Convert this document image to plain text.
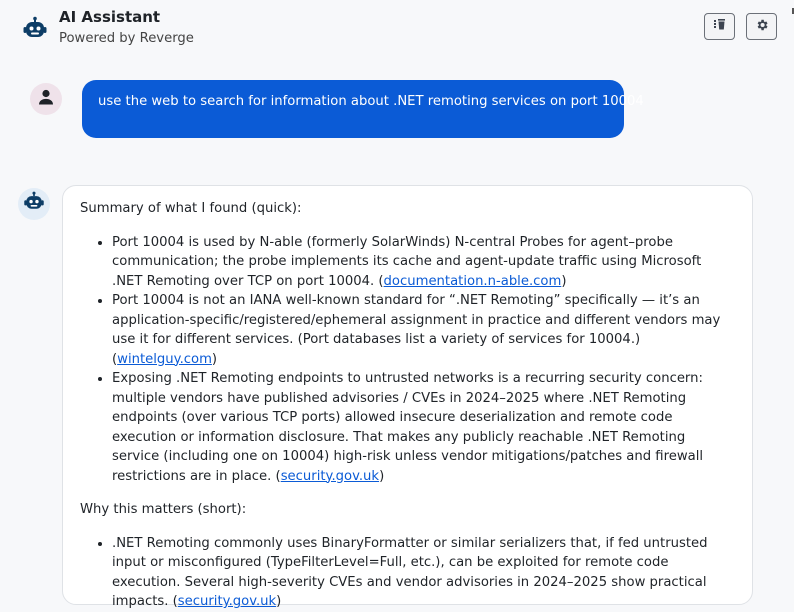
AI Assistant
Powered by Reverge
use the web to search for information about .NET remoting services on port 10004

Summary of what I found (quick):

• Port 10004 is used by N-able (formerly SolarWinds) N-central Probes for agent–probe communication; the probe implements its cache and agent-update traffic using Microsoft .NET Remoting over TCP on port 10004. (documentation.n-able.com)
• Port 10004 is not an IANA well-known standard for “.NET Remoting” specifically — it’s an application-specific/registered/ephemeral assignment in practice and different vendors may use it for different services. (Port databases list a variety of services for 10004.) (wintelguy.com)
• Exposing .NET Remoting endpoints to untrusted networks is a recurring security concern: multiple vendors have published advisories / CVEs in 2024–2025 where .NET Remoting endpoints (over various TCP ports) allowed insecure deserialization and remote code execution or information disclosure. That makes any publicly reachable .NET Remoting service (including one on 10004) high-risk unless vendor mitigations/patches and firewall restrictions are in place. (security.gov.uk)

Why this matters (short):

• .NET Remoting commonly uses BinaryFormatter or similar serializers that, if fed untrusted input or misconfigured (TypeFilterLevel=Full, etc.), can be exploited for remote code execution. Several high-severity CVEs and vendor advisories in 2024–2025 show practical impacts. (security.gov.uk)
